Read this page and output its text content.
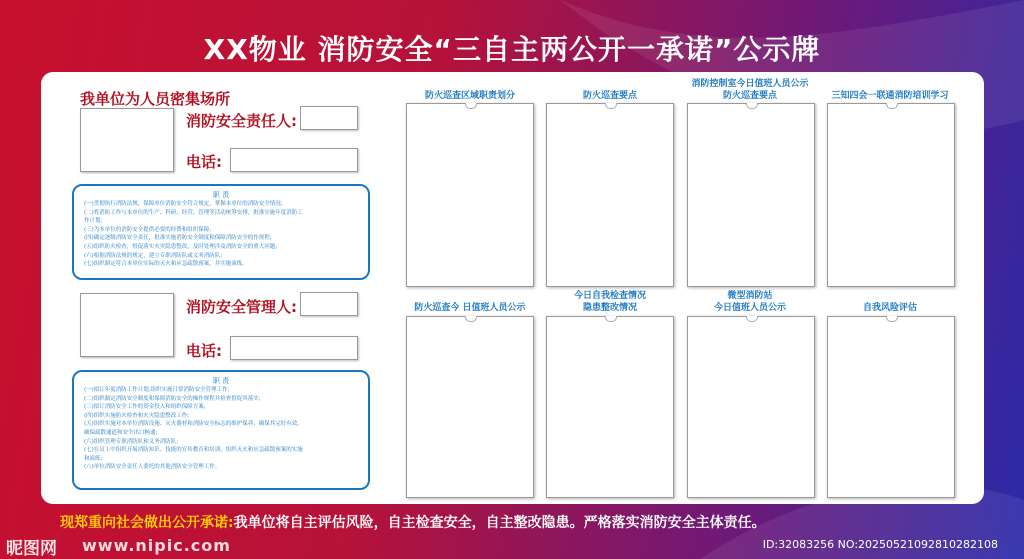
XX物业 消防安全“三自主两公开一承诺”公示牌
我单位为人员密集场所
消防安全责任人:
电话:
职 责
(一)贯彻执行消防法规，保障单位消防安全符合规定，掌握本单位的消防安全情况;
(二)将消防工作与本单位的生产、科研、经营、管理等活动统筹安排，批准实施年度消防工
作计划;
(三)为本单位的消防安全提供必要的经费和组织保障;
(四)确定逐级消防安全责任，批准实施消防安全制度和保障消防安全的作规程;
(五)组织防火检查，督促落实火灾隐患整改，及时处理涉及消防安全的重大问题;
(六)根据消防法规的规定，建立专职消防队或义务消防队;
(七)组织制定符合本单位实际的灭火和应急疏散预案，并实施演练。
消防安全管理人:
电话:
职 责
(一)拟订年度消防工作计划,组织实施日常消防安全管理工作;
(二)组织制定消防安全制度和保障消防安全的操作规程并检查督促其落实;
(三)拟订消防安全工作的资金投入和组织保障方案;
(四)组织实施防火检查和火灾隐患整改工作;
(五)组织实施对本单位消防设施、灭火器材和消防安全标志的维护保养，确保其完好有效，
确保疏散通道和安全出口畅通;
(六)组织管理专职消防队和义务消防队;
(七)在员工中组织开展消防知识、技能的宣传教育和培训，组织灭火和应急疏散预案的实施
和演练;
(八)单位消防安全责任人委托的其他消防安全管理工作。
防火巡查区域职责划分	防火巡查要点
消防控制室今日值班人员公示
防火巡查要点	三知四会一联通消防培训学习
防火巡查今 日值班人员公示
今日自我检查情况
隐患整改情况
微型消防站
今日值班人员公示	自我风险评估
现郑重向社会做出公开承诺:我单位将自主评估风险，自主检查安全，自主整改隐患。严格落实消防安全主体责任。
昵图网 www.nipic.com	ID:32083256 NO:20250521092810282108
